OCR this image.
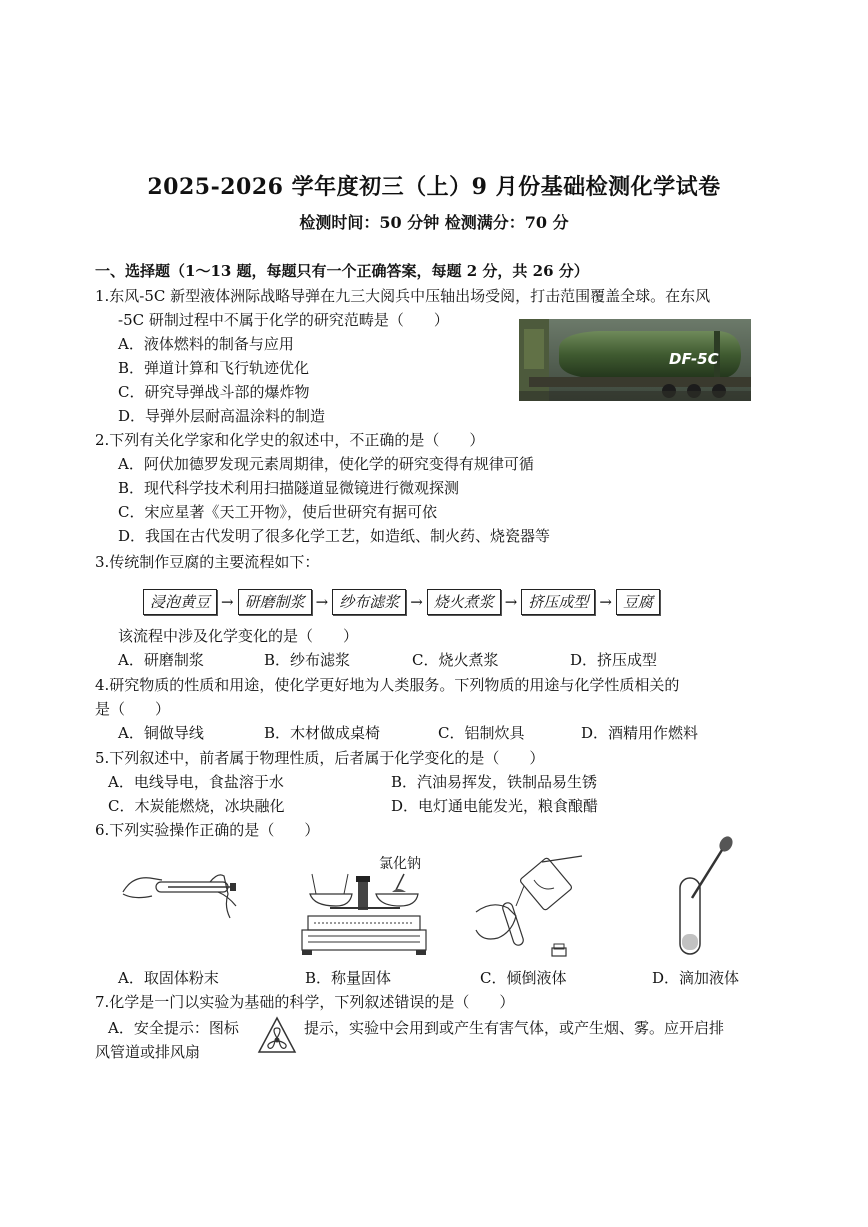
2025-2026 学年度初三（上）9 月份基础检测化学试卷
检测时间：50 分钟 检测满分：70 分
一、选择题（1～13 题，每题只有一个正确答案，每题 2 分，共 26 分）
1.东风-5C 新型液体洲际战略导弹在九三大阅兵中压轴出场受阅，打击范围覆盖全球。在东风
-5C 研制过程中不属于化学的研究范畴是（　　）
A．液体燃料的制备与应用
B．弹道计算和飞行轨迹优化
C．研究导弹战斗部的爆炸物
D．导弹外层耐高温涂料的制造
DF-5C
2.下列有关化学家和化学史的叙述中，不正确的是（　　）
A．阿伏加德罗发现元素周期律，使化学的研究变得有规律可循
B．现代科学技术利用扫描隧道显微镜进行微观探测
C．宋应星著《天工开物》，使后世研究有据可依
D．我国在古代发明了很多化学工艺，如造纸、制火药、烧瓷器等
3.传统制作豆腐的主要流程如下：
浸泡黄豆 → 研磨制浆 → 纱布滤浆 → 烧火煮浆 → 挤压成型 → 豆腐
该流程中涉及化学变化的是（　　）
A．研磨制浆	B．纱布滤浆	C．烧火煮浆	D．挤压成型
4.研究物质的性质和用途，使化学更好地为人类服务。下列物质的用途与化学性质相关的
是（　　）
A．铜做导线	B．木材做成桌椅	C．铝制炊具	D．酒精用作燃料
5.下列叙述中，前者属于物理性质，后者属于化学变化的是（　　）
A．电线导电，食盐溶于水	B．汽油易挥发，铁制品易生锈
C．木炭能燃烧，冰块融化	D．电灯通电能发光，粮食酿醋
6.下列实验操作正确的是（　　）
氯化钠
A．取固体粉末	B．称量固体	C．倾倒液体	D．滴加液体
7.化学是一门以实验为基础的科学，下列叙述错误的是（　　）
A．安全提示：图标	提示，实验中会用到或产生有害气体，或产生烟、雾。应开启排
风管道或排风扇
